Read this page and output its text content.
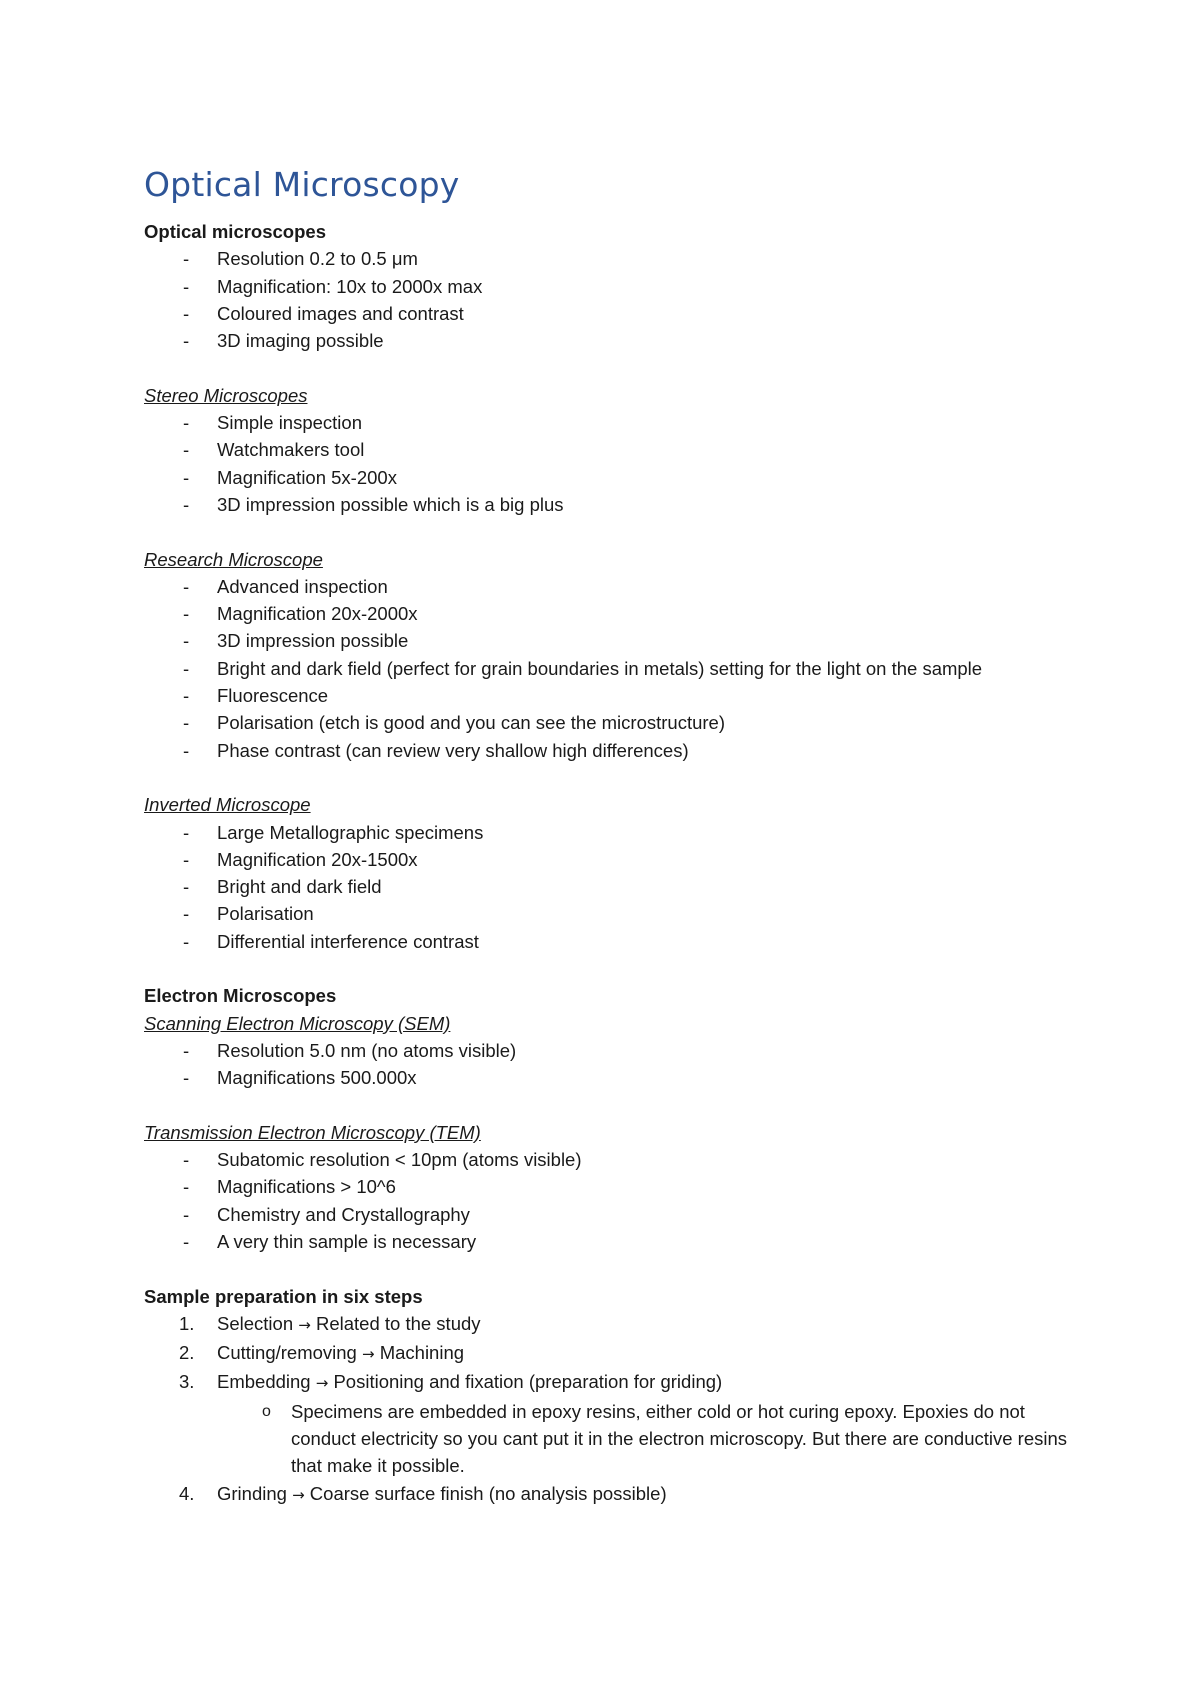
Optical Microscopy
Optical microscopes
- Resolution 0.2 to 0.5 μm
- Magnification: 10x to 2000x max
- Coloured images and contrast
- 3D imaging possible
Stereo Microscopes
- Simple inspection
- Watchmakers tool
- Magnification 5x-200x
- 3D impression possible which is a big plus
Research Microscope
- Advanced inspection
- Magnification 20x-2000x
- 3D impression possible
- Bright and dark field (perfect for grain boundaries in metals) setting for the light on the sample
- Fluorescence
- Polarisation (etch is good and you can see the microstructure)
- Phase contrast (can review very shallow high differences)
Inverted Microscope
- Large Metallographic specimens
- Magnification 20x-1500x
- Bright and dark field
- Polarisation
- Differential interference contrast
Electron Microscopes
Scanning Electron Microscopy (SEM)
- Resolution 5.0 nm (no atoms visible)
- Magnifications 500.000x
Transmission Electron Microscopy (TEM)
- Subatomic resolution < 10pm (atoms visible)
- Magnifications > 10^6
- Chemistry and Crystallography
- A very thin sample is necessary
Sample preparation in six steps
1. Selection → Related to the study
2. Cutting/removing → Machining
3. Embedding → Positioning and fixation (preparation for griding)
o Specimens are embedded in epoxy resins, either cold or hot curing epoxy. Epoxies do not conduct electricity so you cant put it in the electron microscopy. But there are conductive resins that make it possible.
4. Grinding → Coarse surface finish (no analysis possible)
